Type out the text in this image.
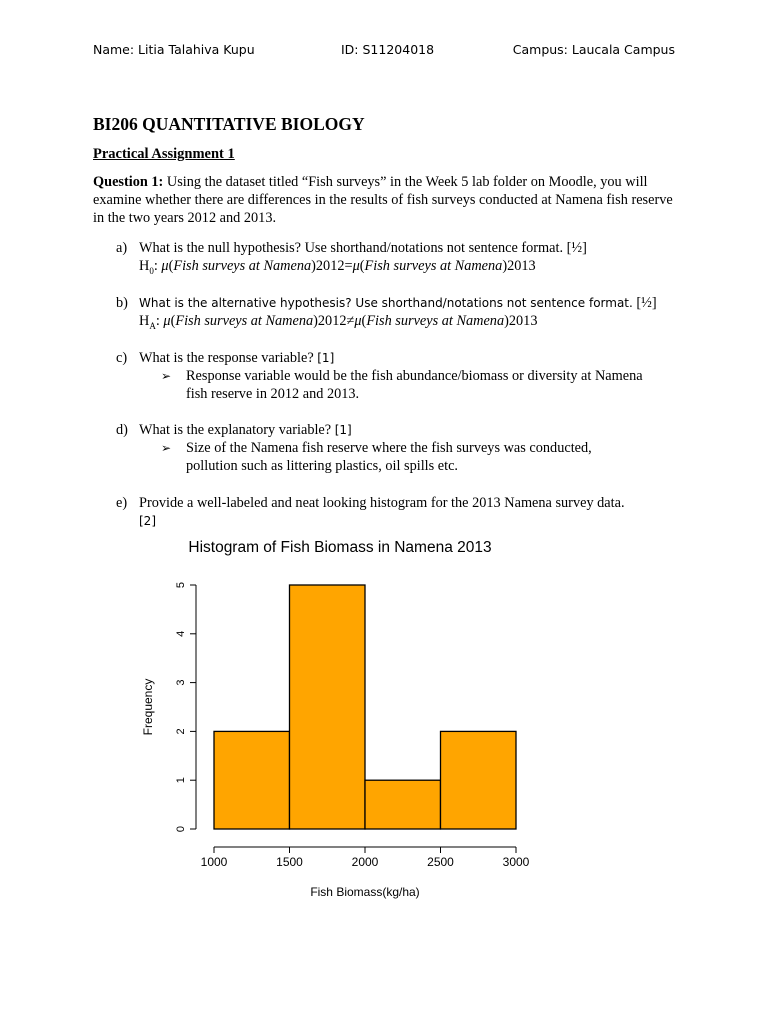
Name: Litia Talahiva Kupu	ID: S11204018	Campus: Laucala Campus
BI206 QUANTITATIVE BIOLOGY
Practical Assignment 1
Question 1: Using the dataset titled “Fish surveys” in the Week 5 lab folder on Moodle, you will examine whether there are differences in the results of fish surveys conducted at Namena fish reserve in the two years 2012 and 2013.
a) What is the null hypothesis? Use shorthand/notations not sentence format. [½]
$H_0$: μ(Fish surveys at Namena)2012=μ(Fish surveys at Namena)2013
b) What is the alternative hypothesis? Use shorthand/notations not sentence format. [½]
$H_A$: μ(Fish surveys at Namena)2012≠μ(Fish surveys at Namena)2013
c) What is the response variable? [1]
➢ Response variable would be the fish abundance/biomass or diversity at Namena fish reserve in 2012 and 2013.
d) What is the explanatory variable? [1]
➢ Size of the Namena fish reserve where the fish surveys was conducted, pollution such as littering plastics, oil spills etc.
e) Provide a well-labeled and neat looking histogram for the 2013 Namena survey data.
[2]
Histogram of Fish Biomass in Namena 2013
Frequency
Fish Biomass(kg/ha)
0
1
2
3
4
5
1000	1500	2000	2500	3000
